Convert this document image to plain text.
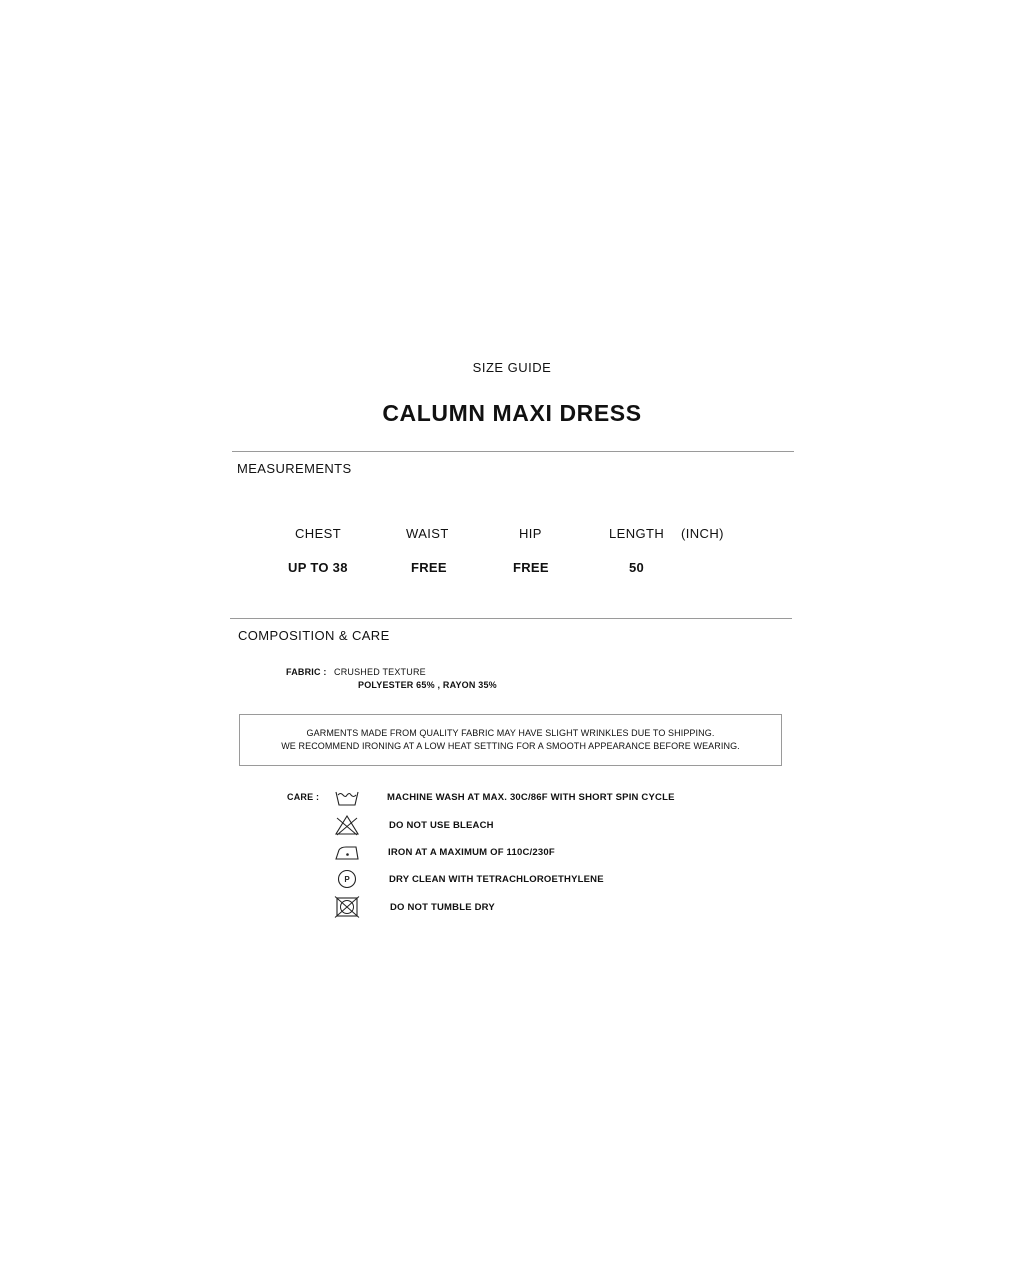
SIZE GUIDE
CALUMN MAXI DRESS
MEASUREMENTS
CHEST	WAIST	HIP	LENGTH (INCH)
UP TO 38	FREE	FREE	50
COMPOSITION & CARE
FABRIC : CRUSHED TEXTURE
POLYESTER 65% , RAYON 35%
GARMENTS MADE FROM QUALITY FABRIC MAY HAVE SLIGHT WRINKLES DUE TO SHIPPING.
WE RECOMMEND IRONING AT A LOW HEAT SETTING FOR A SMOOTH APPEARANCE BEFORE WEARING.
CARE :	MACHINE WASH AT MAX. 30C/86F WITH SHORT SPIN CYCLE
DO NOT USE BLEACH
IRON AT A MAXIMUM OF 110C/230F
P	DRY CLEAN WITH TETRACHLOROETHYLENE
DO NOT TUMBLE DRY
